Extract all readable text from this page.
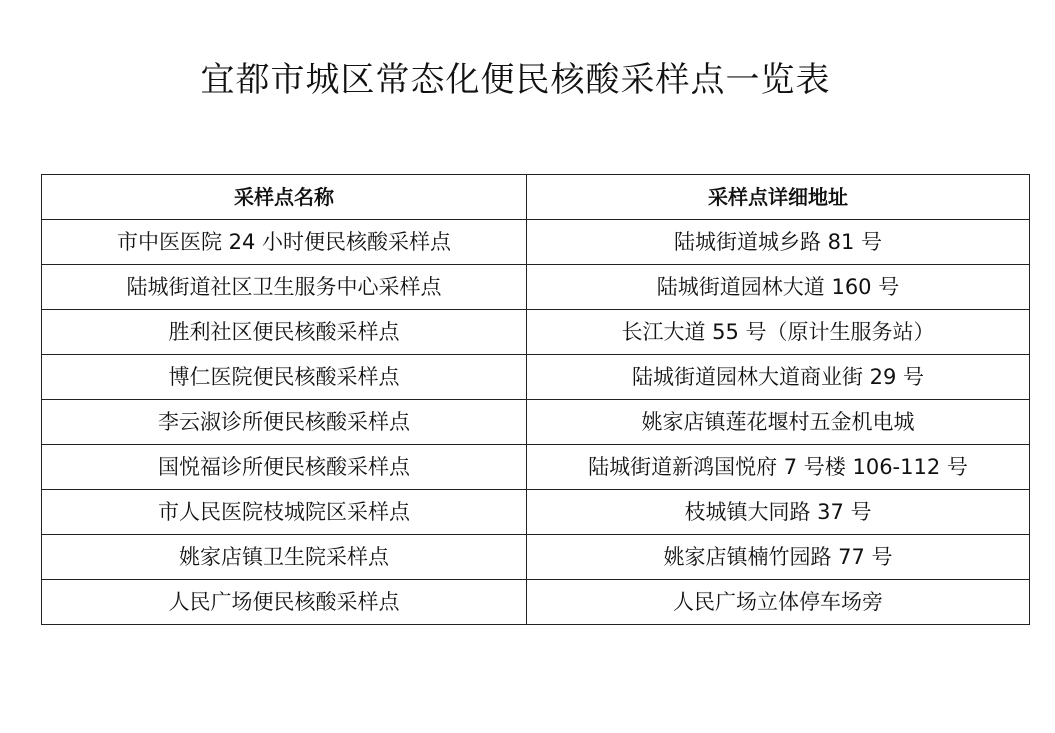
宜都市城区常态化便民核酸采样点一览表
采样点名称	采样点详细地址
市中医医院 24 小时便民核酸采样点	陆城街道城乡路 81 号
陆城街道社区卫生服务中心采样点	陆城街道园林大道 160 号
胜利社区便民核酸采样点	长江大道 55 号（原计生服务站）
博仁医院便民核酸采样点	陆城街道园林大道商业街 29 号
李云淑诊所便民核酸采样点	姚家店镇莲花堰村五金机电城
国悦福诊所便民核酸采样点	陆城街道新鸿国悦府 7 号楼 106-112 号
市人民医院枝城院区采样点	枝城镇大同路 37 号
姚家店镇卫生院采样点	姚家店镇楠竹园路 77 号
人民广场便民核酸采样点	人民广场立体停车场旁
